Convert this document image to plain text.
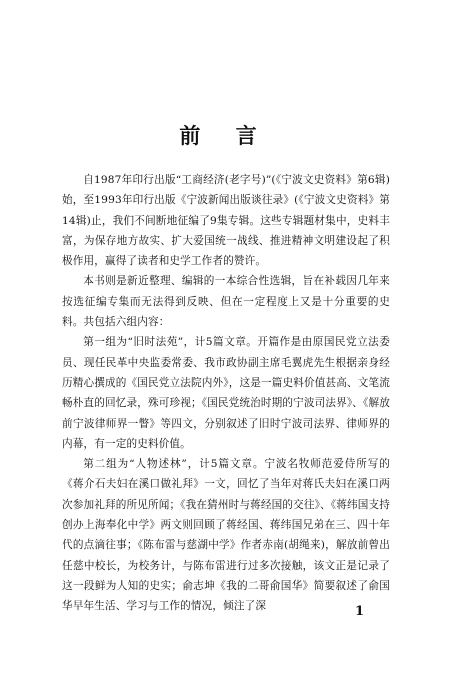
前 言

自1987年印行出版“工商经济(老字号)”(《宁波文史资料》第6辑)始，至1993年印行出版《宁波新闻出版谈往录》(《宁波文史资料》第14辑)止，我们不间断地征编了9集专辑。这些专辑题材集中，史料丰富，为保存地方故实、扩大爱国统一战线、推进精神文明建设起了积极作用，赢得了读者和史学工作者的赞许。

本书则是新近整理、编辑的一本综合性选辑，旨在补载因几年来按选征编专集而无法得到反映、但在一定程度上又是十分重要的史料。共包括六组内容：

第一组为“旧时法苑”，计5篇文章。开篇作是由原国民党立法委员、现任民革中央监委常委、我市政协副主席毛翼虎先生根据亲身经历精心撰成的《国民党立法院内外》，这是一篇史料价值甚高、文笔流畅朴直的回忆录，殊可珍视；《国民党统治时期的宁波司法界》、《解放前宁波律师界一瞥》等四文，分别叙述了旧时宁波司法界、律师界的内幕，有一定的史料价值。

第二组为“人物述林”，计5篇文章。宁波名牧师范爱侍所写的《蒋介石夫妇在溪口做礼拜》一文，回忆了当年对蒋氏夫妇在溪口两次参加礼拜的所见所闻；《我在猜州时与蒋经国的交往》、《蒋纬国支持创办上海奉化中学》两文则回顾了蒋经国、蒋纬国兄弟在三、四十年代的点滴往事；《陈布雷与慈湖中学》作者赤南(胡绳来)，解放前曾出任慈中校长，为校务计，与陈布雷进行过多次接触，该文正是记录了这一段鲜为人知的史实；俞志坤《我的二哥俞国华》简要叙述了俞国华早年生活、学习与工作的情况，倾注了深	1
